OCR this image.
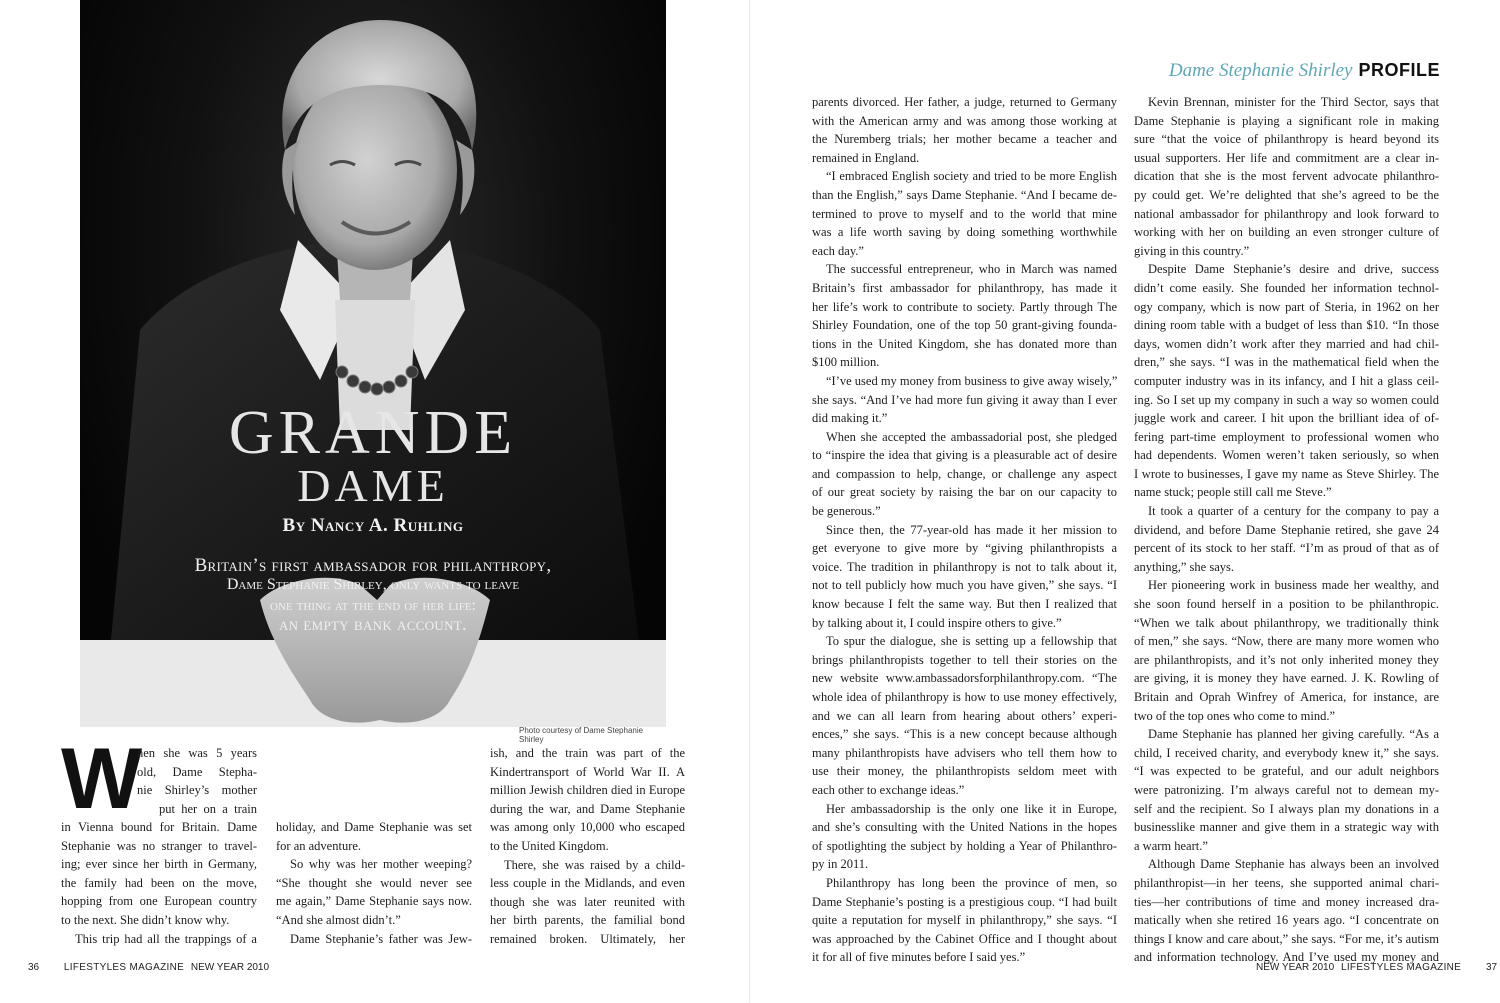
GRANDE
DAME
By Nancy A. Ruhling
Britain’s first ambassador for philanthropy,
Dame Stephanie Shirley, only wants to leave
one thing at the end of her life:
an empty bank account.
Photo courtesy of Dame Stephanie Shirley
W
hen she was 5 years
old, Dame Stepha-
nie Shirley’s mother
put her on a train
in Vienna bound for Britain. Dame
Stephanie was no stranger to travel-
ing; ever since her birth in Germany,
the family had been on the move,
hopping from one European country
to the next. She didn’t know why.
This trip had all the trappings of a
holiday, and Dame Stephanie was set
for an adventure.
So why was her mother weeping?
“She thought she would never see
me again,” Dame Stephanie says now.
“And she almost didn’t.”
Dame Stephanie’s father was Jew-
ish, and the train was part of the
Kindertransport of World War II. A
million Jewish children died in Europe
during the war, and Dame Stephanie
was among only 10,000 who escaped
to the United Kingdom.
There, she was raised by a child-
less couple in the Midlands, and even
though she was later reunited with
her birth parents, the familial bond
remained broken. Ultimately, her
36 LIFESTYLES MAGAZINE NEW YEAR 2010
Dame Stephanie Shirley PROFILE
parents divorced. Her father, a judge, returned to Germany
with the American army and was among those working at
the Nuremberg trials; her mother became a teacher and
remained in England.
“I embraced English society and tried to be more English
than the English,” says Dame Stephanie. “And I became de-
termined to prove to myself and to the world that mine
was a life worth saving by doing something worthwhile
each day.”
The successful entrepreneur, who in March was named
Britain’s first ambassador for philanthropy, has made it
her life’s work to contribute to society. Partly through The
Shirley Foundation, one of the top 50 grant-giving founda-
tions in the United Kingdom, she has donated more than
$100 million.
“I’ve used my money from business to give away wisely,”
she says. “And I’ve had more fun giving it away than I ever
did making it.”
When she accepted the ambassadorial post, she pledged
to “inspire the idea that giving is a pleasurable act of desire
and compassion to help, change, or challenge any aspect
of our great society by raising the bar on our capacity to
be generous.”
Since then, the 77-year-old has made it her mission to
get everyone to give more by “giving philanthropists a
voice. The tradition in philanthropy is not to talk about it,
not to tell publicly how much you have given,” she says. “I
know because I felt the same way. But then I realized that
by talking about it, I could inspire others to give.”
To spur the dialogue, she is setting up a fellowship that
brings philanthropists together to tell their stories on the
new website www.ambassadorsforphilanthropy.com. “The
whole idea of philanthropy is how to use money effectively,
and we can all learn from hearing about others’ experi-
ences,” she says. “This is a new concept because although
many philanthropists have advisers who tell them how to
use their money, the philanthropists seldom meet with
each other to exchange ideas.”
Her ambassadorship is the only one like it in Europe,
and she’s consulting with the United Nations in the hopes
of spotlighting the subject by holding a Year of Philanthro-
py in 2011.
Philanthropy has long been the province of men, so
Dame Stephanie’s posting is a prestigious coup. “I had built
quite a reputation for myself in philanthropy,” she says. “I
was approached by the Cabinet Office and I thought about
it for all of five minutes before I said yes.”
Kevin Brennan, minister for the Third Sector, says that
Dame Stephanie is playing a significant role in making
sure “that the voice of philanthropy is heard beyond its
usual supporters. Her life and commitment are a clear in-
dication that she is the most fervent advocate philanthro-
py could get. We’re delighted that she’s agreed to be the
national ambassador for philanthropy and look forward to
working with her on building an even stronger culture of
giving in this country.”
Despite Dame Stephanie’s desire and drive, success
didn’t come easily. She founded her information technol-
ogy company, which is now part of Steria, in 1962 on her
dining room table with a budget of less than $10. “In those
days, women didn’t work after they married and had chil-
dren,” she says. “I was in the mathematical field when the
computer industry was in its infancy, and I hit a glass ceil-
ing. So I set up my company in such a way so women could
juggle work and career. I hit upon the brilliant idea of of-
fering part-time employment to professional women who
had dependents. Women weren’t taken seriously, so when
I wrote to businesses, I gave my name as Steve Shirley. The
name stuck; people still call me Steve.”
It took a quarter of a century for the company to pay a
dividend, and before Dame Stephanie retired, she gave 24
percent of its stock to her staff. “I’m as proud of that as of
anything,” she says.
Her pioneering work in business made her wealthy, and
she soon found herself in a position to be philanthropic.
“When we talk about philanthropy, we traditionally think
of men,” she says. “Now, there are many more women who
are philanthropists, and it’s not only inherited money they
are giving, it is money they have earned. J. K. Rowling of
Britain and Oprah Winfrey of America, for instance, are
two of the top ones who come to mind.”
Dame Stephanie has planned her giving carefully. “As a
child, I received charity, and everybody knew it,” she says.
“I was expected to be grateful, and our adult neighbors
were patronizing. I’m always careful not to demean my-
self and the recipient. So I always plan my donations in a
businesslike manner and give them in a strategic way with
a warm heart.”
Although Dame Stephanie has always been an involved
philanthropist—in her teens, she supported animal chari-
ties—her contributions of time and money increased dra-
matically when she retired 16 years ago. “I concentrate on
things I know and care about,” she says. “For me, it’s autism
and information technology. And I’ve used my money and
NEW YEAR 2010 LIFESTYLES MAGAZINE 37
